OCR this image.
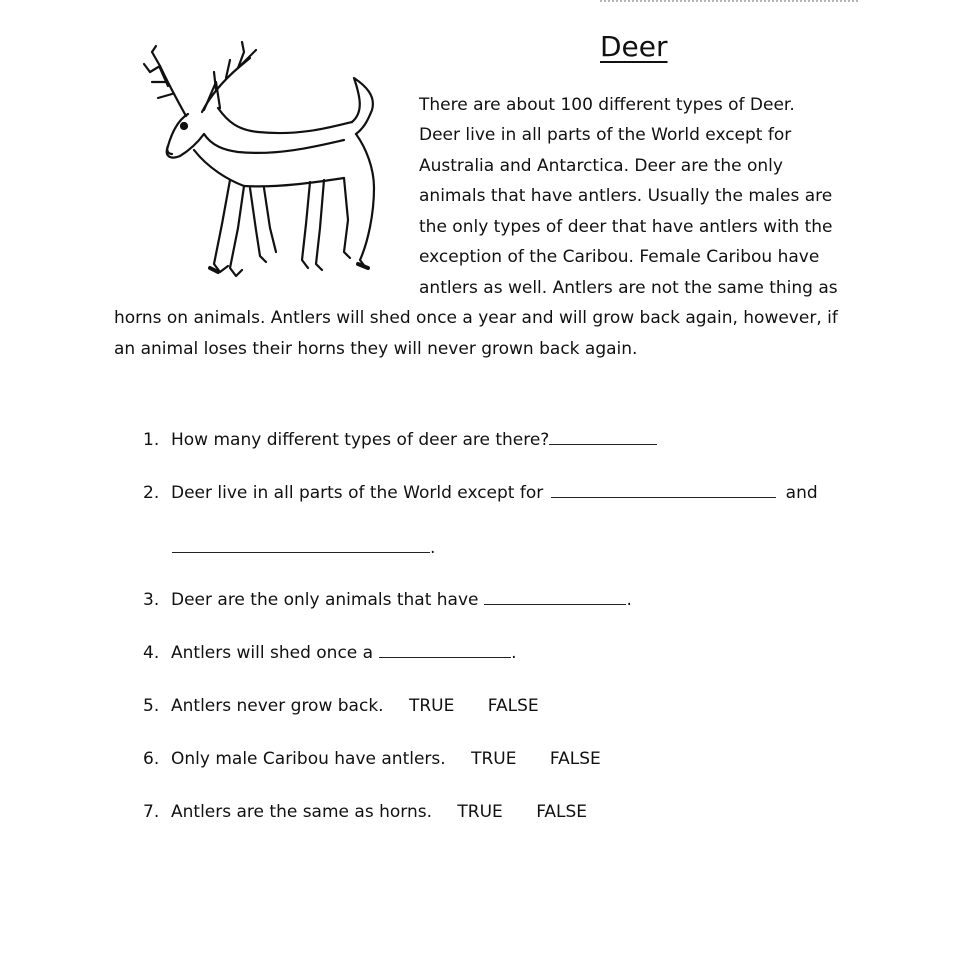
Deer
There are about 100 different types of Deer.
Deer live in all parts of the World except for
Australia and Antarctica. Deer are the only
animals that have antlers. Usually the males are
the only types of deer that have antlers with the
exception of the Caribou. Female Caribou have
antlers as well. Antlers are not the same thing as
horns on animals. Antlers will shed once a year and will grow back again, however, if
an animal loses their horns they will never grown back again.
1. How many different types of deer are there?
2. Deer live in all parts of the World except for	and
.
3. Deer are the only animals that have	.
4. Antlers will shed once a	.
5. Antlers never grow back. TRUE FALSE
6. Only male Caribou have antlers. TRUE FALSE
7. Antlers are the same as horns. TRUE FALSE
